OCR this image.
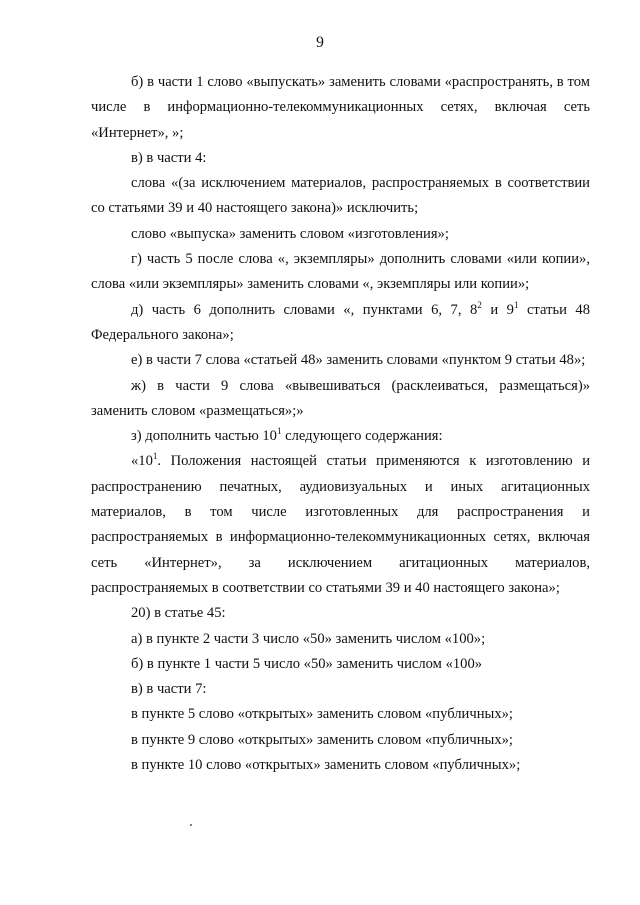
9

б) в части 1 слово «выпускать» заменить словами «распространять, в том числе в информационно-телекоммуникационных сетях, включая сеть «Интернет», »;

в) в части 4:

слова «(за исключением материалов, распространяемых в соответствии со статьями 39 и 40 настоящего закона)» исключить;

слово «выпуска» заменить словом «изготовления»;

г) часть 5 после слова «, экземпляры» дополнить словами «или копии», слова «или экземпляры» заменить словами «, экземпляры или копии»;

д) часть 6 дополнить словами «, пунктами 6, 7, $8^2$ и $9^1$ статьи 48 Федерального закона»;

е) в части 7 слова «статьей 48» заменить словами «пунктом 9 статьи 48»;

ж) в части 9 слова «вывешиваться (расклеиваться, размещаться)» заменить словом «размещаться»;»

з) дополнить частью $10^1$ следующего содержания:

«$10^1$. Положения настоящей статьи применяются к изготовлению и распространению печатных, аудиовизуальных и иных агитационных материалов, в том числе изготовленных для распространения и распространяемых в информационно-телекоммуникационных сетях, включая сеть «Интернет», за исключением агитационных материалов, распространяемых в соответствии со статьями 39 и 40 настоящего закона»;

20) в статье 45:

а) в пункте 2 части 3 число «50» заменить числом «100»;

б) в пункте 1 части 5 число «50» заменить числом «100»

в) в части 7:

в пункте 5 слово «открытых» заменить словом «публичных»;

в пункте 9 слово «открытых» заменить словом «публичных»;

в пункте 10 слово «открытых» заменить словом «публичных»;
